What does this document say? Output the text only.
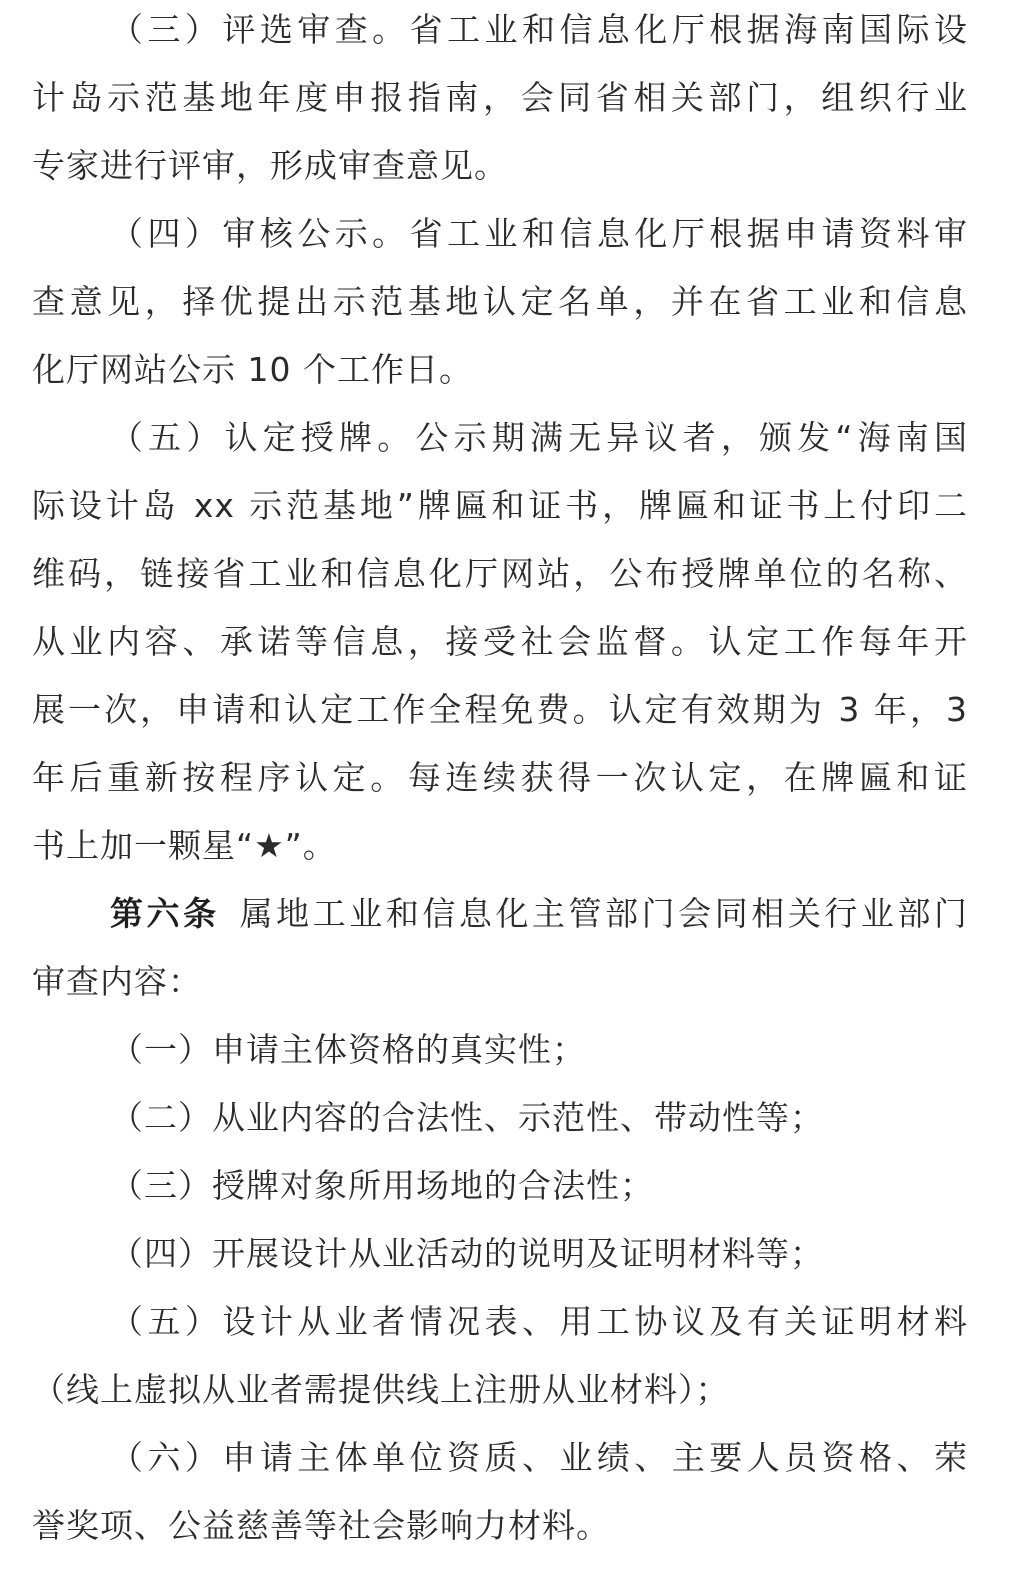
（三）评选审查。省工业和信息化厅根据海南国际设
计岛示范基地年度申报指南，会同省相关部门，组织行业
专家进行评审，形成审查意见。
（四）审核公示。省工业和信息化厅根据申请资料审
查意见，择优提出示范基地认定名单，并在省工业和信息
化厅网站公示 10 个工作日。
（五）认定授牌。公示期满无异议者，颁发“海南国
际设计岛 xx 示范基地”牌匾和证书，牌匾和证书上付印二
维码，链接省工业和信息化厅网站，公布授牌单位的名称、
从业内容、承诺等信息，接受社会监督。认定工作每年开
展一次，申请和认定工作全程免费。认定有效期为 3 年，3
年后重新按程序认定。每连续获得一次认定，在牌匾和证
书上加一颗星“★”。
第六条 属地工业和信息化主管部门会同相关行业部门
审查内容：
（一）申请主体资格的真实性；
（二）从业内容的合法性、示范性、带动性等；
（三）授牌对象所用场地的合法性；
（四）开展设计从业活动的说明及证明材料等；
（五）设计从业者情况表、用工协议及有关证明材料
（线上虚拟从业者需提供线上注册从业材料）；
（六）申请主体单位资质、业绩、主要人员资格、荣
誉奖项、公益慈善等社会影响力材料。
